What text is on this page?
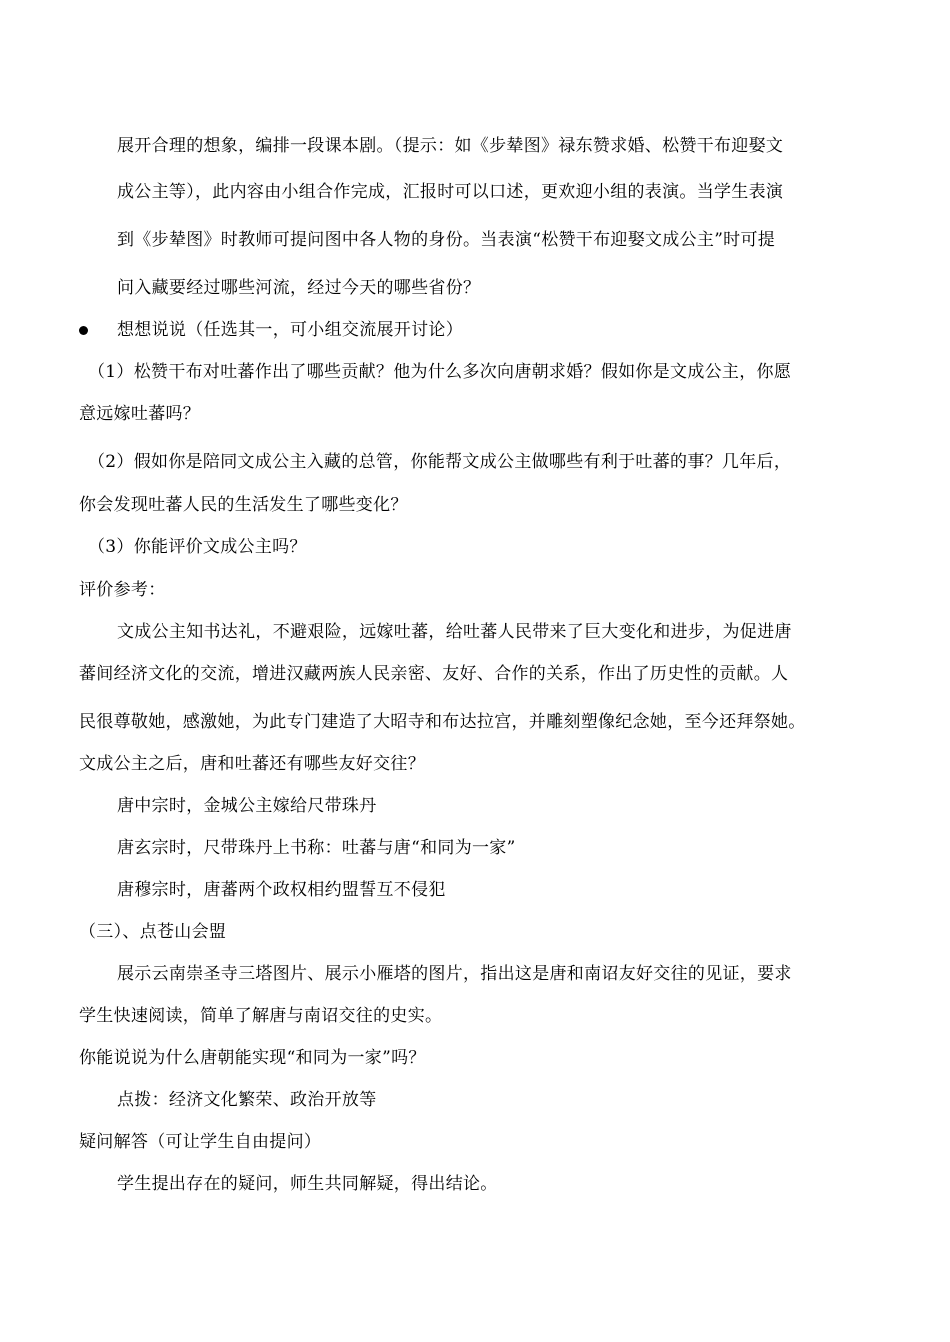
展开合理的想象，编排一段课本剧。（提示：如《步辇图》禄东赞求婚、松赞干布迎娶文
成公主等），此内容由小组合作完成，汇报时可以口述，更欢迎小组的表演。当学生表演
到《步辇图》时教师可提问图中各人物的身份。当表演“松赞干布迎娶文成公主”时可提
问入藏要经过哪些河流，经过今天的哪些省份？
想想说说（任选其一，可小组交流展开讨论）
（1）松赞干布对吐蕃作出了哪些贡献？他为什么多次向唐朝求婚？假如你是文成公主，你愿
意远嫁吐蕃吗？
（2）假如你是陪同文成公主入藏的总管，你能帮文成公主做哪些有利于吐蕃的事？几年后，
你会发现吐蕃人民的生活发生了哪些变化？
（3）你能评价文成公主吗？
评价参考：
文成公主知书达礼，不避艰险，远嫁吐蕃，给吐蕃人民带来了巨大变化和进步，为促进唐
蕃间经济文化的交流，增进汉藏两族人民亲密、友好、合作的关系，作出了历史性的贡献。人
民很尊敬她，感激她，为此专门建造了大昭寺和布达拉宫，并雕刻塑像纪念她，至今还拜祭她。
文成公主之后，唐和吐蕃还有哪些友好交往？
唐中宗时，金城公主嫁给尺带珠丹
唐玄宗时，尺带珠丹上书称：吐蕃与唐“和同为一家”
唐穆宗时，唐蕃两个政权相约盟誓互不侵犯
（三）、点苍山会盟
展示云南崇圣寺三塔图片、展示小雁塔的图片，指出这是唐和南诏友好交往的见证，要求
学生快速阅读，简单了解唐与南诏交往的史实。
你能说说为什么唐朝能实现“和同为一家”吗？
点拨：经济文化繁荣、政治开放等
疑问解答（可让学生自由提问）
学生提出存在的疑问，师生共同解疑，得出结论。
